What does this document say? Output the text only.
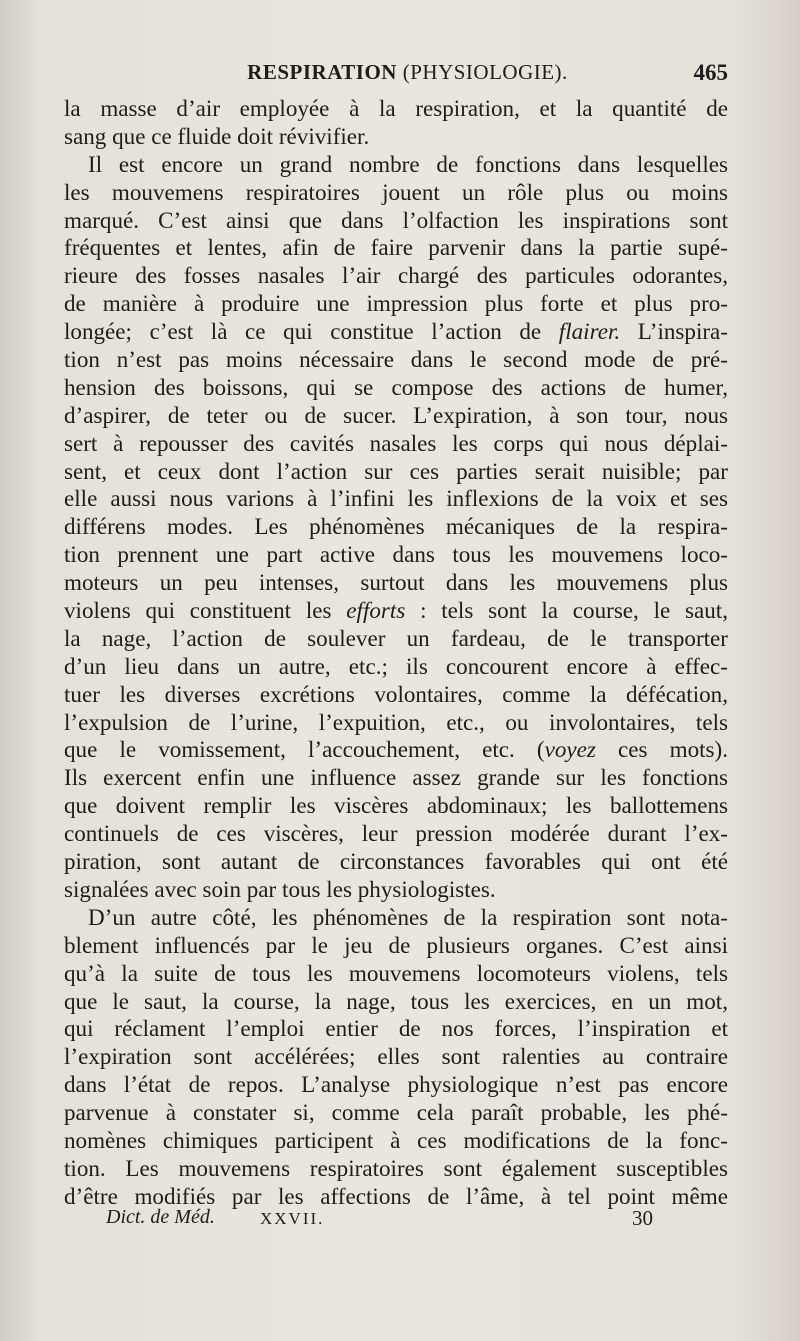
RESPIRATION (PHYSIOLOGIE).	465
la masse d’air employée à la respiration, et la quantité de
sang que ce fluide doit révivifier.
Il est encore un grand nombre de fonctions dans lesquelles
les mouvemens respiratoires jouent un rôle plus ou moins
marqué. C’est ainsi que dans l’olfaction les inspirations sont
fréquentes et lentes, afin de faire parvenir dans la partie supé-
rieure des fosses nasales l’air chargé des particules odorantes,
de manière à produire une impression plus forte et plus pro-
longée; c’est là ce qui constitue l’action de flairer. L’inspira-
tion n’est pas moins nécessaire dans le second mode de pré-
hension des boissons, qui se compose des actions de humer,
d’aspirer, de teter ou de sucer. L’expiration, à son tour, nous
sert à repousser des cavités nasales les corps qui nous déplai-
sent, et ceux dont l’action sur ces parties serait nuisible; par
elle aussi nous varions à l’infini les inflexions de la voix et ses
différens modes. Les phénomènes mécaniques de la respira-
tion prennent une part active dans tous les mouvemens loco-
moteurs un peu intenses, surtout dans les mouvemens plus
violens qui constituent les efforts : tels sont la course, le saut,
la nage, l’action de soulever un fardeau, de le transporter
d’un lieu dans un autre, etc.; ils concourent encore à effec-
tuer les diverses excrétions volontaires, comme la défécation,
l’expulsion de l’urine, l’expuition, etc., ou involontaires, tels
que le vomissement, l’accouchement, etc. (voyez ces mots).
Ils exercent enfin une influence assez grande sur les fonctions
que doivent remplir les viscères abdominaux; les ballottemens
continuels de ces viscères, leur pression modérée durant l’ex-
piration, sont autant de circonstances favorables qui ont été
signalées avec soin par tous les physiologistes.
D’un autre côté, les phénomènes de la respiration sont nota-
blement influencés par le jeu de plusieurs organes. C’est ainsi
qu’à la suite de tous les mouvemens locomoteurs violens, tels
que le saut, la course, la nage, tous les exercices, en un mot,
qui réclament l’emploi entier de nos forces, l’inspiration et
l’expiration sont accélérées; elles sont ralenties au contraire
dans l’état de repos. L’analyse physiologique n’est pas encore
parvenue à constater si, comme cela paraît probable, les phé-
nomènes chimiques participent à ces modifications de la fonc-
tion. Les mouvemens respiratoires sont également susceptibles
d’être modifiés par les affections de l’âme, à tel point même
Dict. de Méd.	XXVII.	30
